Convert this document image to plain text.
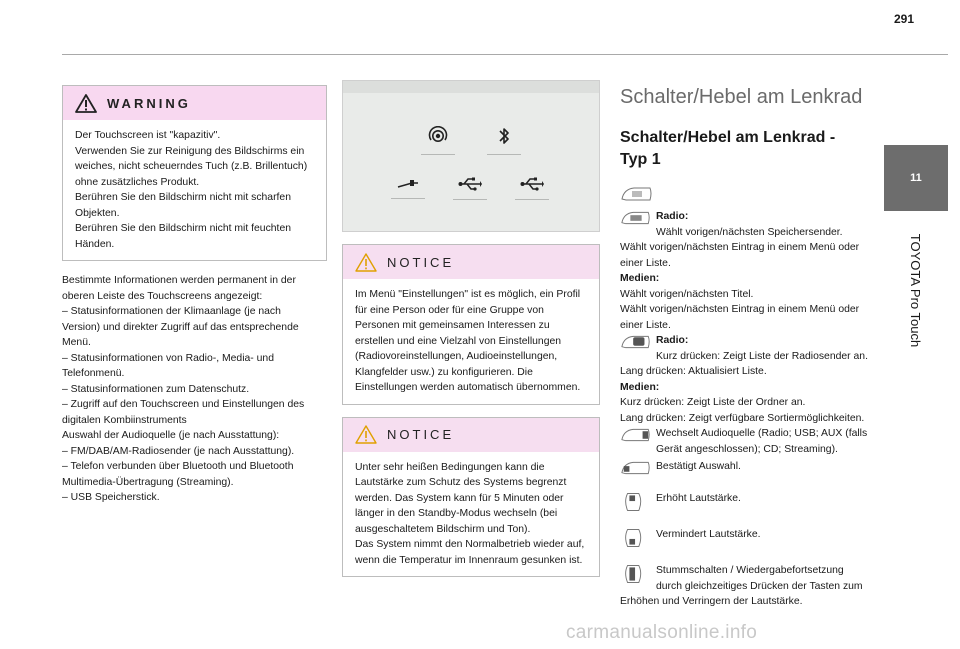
291
11
TOYOTA Pro Touch
WARNING

Der Touchscreen ist "kapazitiv".

Verwenden Sie zur Reinigung des Bildschirms ein

weiches, nicht scheuerndes Tuch (z.B. Brillentuch)

ohne zusätzliches Produkt.

Berühren Sie den Bildschirm nicht mit scharfen

Objekten.

Berühren Sie den Bildschirm nicht mit feuchten

Händen.

Bestimmte Informationen werden permanent in der

oberen Leiste des Touchscreens angezeigt:

– Statusinformationen der Klimaanlage (je nach

Version) und direkter Zugriff auf das entsprechende

Menü.

– Statusinformationen von Radio-, Media- und

Telefonmenü.

– Statusinformationen zum Datenschutz.

– Zugriff auf den Touchscreen und Einstellungen des

digitalen Kombiinstruments

Auswahl der Audioquelle (je nach Ausstattung):

– FM/DAB/AM-Radiosender (je nach Ausstattung).

– Telefon verbunden über Bluetooth und Bluetooth

Multimedia-Übertragung (Streaming).

– USB Speicherstick.

NOTICE

Im Menü "Einstellungen" ist es möglich, ein Profil

für eine Person oder für eine Gruppe von

Personen mit gemeinsamen Interessen zu

erstellen und eine Vielzahl von Einstellungen

(Radiovoreinstellungen, Audioeinstellungen,

Klangfelder usw.) zu konfigurieren. Die

Einstellungen werden automatisch übernommen.

NOTICE

Unter sehr heißen Bedingungen kann die

Lautstärke zum Schutz des Systems begrenzt

werden. Das System kann für 5 Minuten oder

länger in den Standby-Modus wechseln (bei

ausgeschaltetem Bildschirm und Ton).

Das System nimmt den Normalbetrieb wieder auf,

wenn die Temperatur im Innenraum gesunken ist.

Schalter/Hebel am Lenkrad
Schalter/Hebel am Lenkrad -
Typ 1

Radio:

Wählt vorigen/nächsten Speichersender.

Wählt vorigen/nächsten Eintrag in einem Menü oder

einer Liste.

Medien:

Wählt vorigen/nächsten Titel.

Wählt vorigen/nächsten Eintrag in einem Menü oder

einer Liste.

Radio:

Kurz drücken: Zeigt Liste der Radiosender an.

Lang drücken: Aktualisiert Liste.

Medien:

Kurz drücken: Zeigt Liste der Ordner an.

Lang drücken: Zeigt verfügbare Sortiermöglichkeiten.

Wechselt Audioquelle (Radio; USB; AUX (falls

Gerät angeschlossen); CD; Streaming).

Bestätigt Auswahl.

Erhöht Lautstärke.

Vermindert Lautstärke.

Stummschalten / Wiedergabefortsetzung

durch gleichzeitiges Drücken der Tasten zum

Erhöhen und Verringern der Lautstärke.

carmanualsonline.info
